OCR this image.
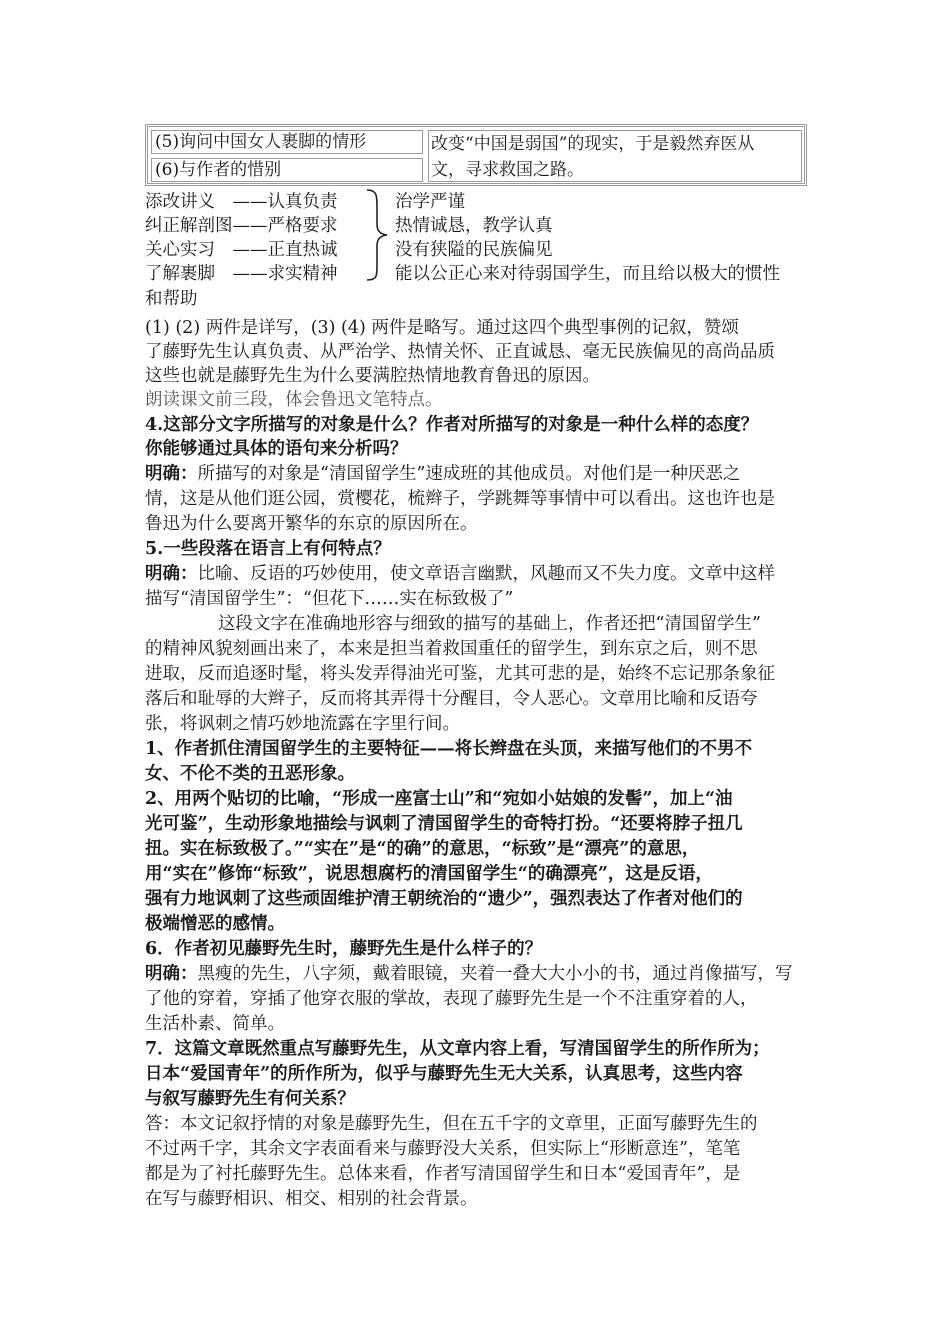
(5)询问中国女人裹脚的情形
(6)与作者的惜别
改变“中国是弱国”的现实，于是毅然弃医从
文，寻求救国之路。
添改讲义　——认真负责
纠正解剖图——严格要求
关心实习　——正直热诚
了解裹脚　——求实精神
治学严谨
热情诚恳，教学认真
没有狭隘的民族偏见
能以公正心来对待弱国学生，而且给以极大的惯性
和帮助
(1) (2) 两件是详写，(3) (4) 两件是略写。通过这四个典型事例的记叙，赞颂
了藤野先生认真负责、从严治学、热情关怀、正直诚恳、毫无民族偏见的高尚品质
这些也就是藤野先生为什么要满腔热情地教育鲁迅的原因。
朗读课文前三段，体会鲁迅文笔特点。
4.这部分文字所描写的对象是什么？作者对所描写的对象是一种什么样的态度？
你能够通过具体的语句来分析吗？
明确：所描写的对象是“清国留学生”速成班的其他成员。对他们是一种厌恶之
情，这是从他们逛公园，赏樱花，梳辫子，学跳舞等事情中可以看出。这也许也是
鲁迅为什么要离开繁华的东京的原因所在。
5.一些段落在语言上有何特点？
明确：比喻、反语的巧妙使用，使文章语言幽默，风趣而又不失力度。文章中这样
描写“清国留学生”：“但花下……实在标致极了”
这段文字在准确地形容与细致的描写的基础上，作者还把“清国留学生”
的精神风貌刻画出来了，本来是担当着救国重任的留学生，到东京之后，则不思
进取，反而追逐时髦，将头发弄得油光可鉴，尤其可悲的是，始终不忘记那条象征
落后和耻辱的大辫子，反而将其弄得十分醒目，令人恶心。文章用比喻和反语夸
张，将讽刺之情巧妙地流露在字里行间。
1、作者抓住清国留学生的主要特征——将长辫盘在头顶，来描写他们的不男不
女、不伦不类的丑恶形象。
2、用两个贴切的比喻，“形成一座富士山”和“宛如小姑娘的发髻”，加上“油
光可鉴”，生动形象地描绘与讽刺了清国留学生的奇特打扮。“还要将脖子扭几
扭。实在标致极了。”“实在”是“的确”的意思，“标致”是“漂亮”的意思，
用“实在”修饰“标致”，说思想腐朽的清国留学生“的确漂亮”，这是反语，
强有力地讽刺了这些顽固维护清王朝统治的“遗少”，强烈表达了作者对他们的
极端憎恶的感情。
6．作者初见藤野先生时，藤野先生是什么样子的？
明确：黑瘦的先生，八字须，戴着眼镜，夹着一叠大大小小的书，通过肖像描写，写
了他的穿着，穿插了他穿衣服的掌故，表现了藤野先生是一个不注重穿着的人，
生活朴素、简单。
7．这篇文章既然重点写藤野先生，从文章内容上看，写清国留学生的所作所为；
日本“爱国青年”的所作所为，似乎与藤野先生无大关系，认真思考，这些内容
与叙写藤野先生有何关系？
答：本文记叙抒情的对象是藤野先生，但在五千字的文章里，正面写藤野先生的
不过两千字，其余文字表面看来与藤野没大关系，但实际上“形断意连”，笔笔
都是为了衬托藤野先生。总体来看，作者写清国留学生和日本“爱国青年”，是
在写与藤野相识、相交、相别的社会背景。
